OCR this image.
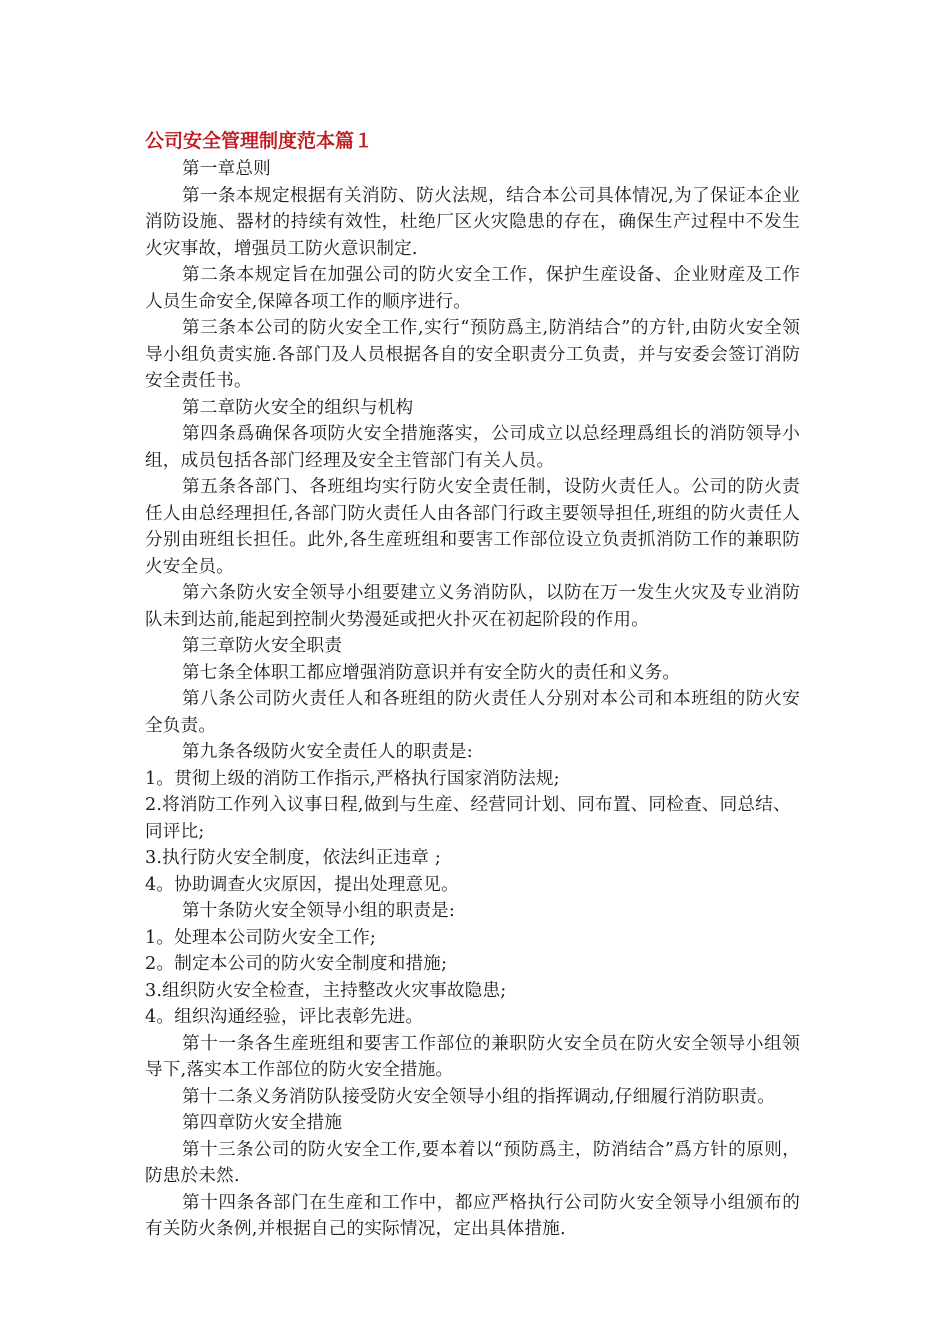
公司安全管理制度范本篇１

第一章总则

第一条本规定根据有关消防、防火法规，结合本公司具体情况,为了保证本企业消防设施、器材的持续有效性，杜绝厂区火灾隐患的存在，确保生产过程中不发生火灾事故，增强员工防火意识制定.

第二条本规定旨在加强公司的防火安全工作，保护生産设备、企业财産及工作人员生命安全,保障各项工作的顺序进行。

第三条本公司的防火安全工作,实行“预防爲主,防消结合”的方针,由防火安全领导小组负责实施.各部门及人员根据各自的安全职责分工负责，并与安委会签订消防安全责任书。

第二章防火安全的组织与机构

第四条爲确保各项防火安全措施落实，公司成立以总经理爲组长的消防领导小组，成员包括各部门经理及安全主管部门有关人员。

第五条各部门、各班组均实行防火安全责任制，设防火责任人。公司的防火责任人由总经理担任,各部门防火责任人由各部门行政主要领导担任,班组的防火责任人分别由班组长担任。此外,各生産班组和要害工作部位设立负责抓消防工作的兼职防火安全员。

第六条防火安全领导小组要建立义务消防队，以防在万一发生火灾及专业消防队未到达前,能起到控制火势漫延或把火扑灭在初起阶段的作用。

第三章防火安全职责

第七条全体职工都应增强消防意识并有安全防火的责任和义务。

第八条公司防火责任人和各班组的防火责任人分别对本公司和本班组的防火安全负责。

第九条各级防火安全责任人的职责是:

1。贯彻上级的消防工作指示,严格执行国家消防法规;

2.将消防工作列入议事日程,做到与生産、经营同计划、同布置、同检查、同总结、同评比;

3.执行防火安全制度，依法纠正违章 ;

4。协助调查火灾原因，提出处理意见。

第十条防火安全领导小组的职责是:

1。处理本公司防火安全工作;

2。制定本公司的防火安全制度和措施;

3.组织防火安全检查，主持整改火灾事故隐患;

4。组织沟通经验，评比表彰先进。

第十一条各生産班组和要害工作部位的兼职防火安全员在防火安全领导小组领导下,落实本工作部位的防火安全措施。

第十二条义务消防队接受防火安全领导小组的指挥调动,仔细履行消防职责。

第四章防火安全措施

第十三条公司的防火安全工作,要本着以“预防爲主，防消结合”爲方针的原则，防患於未然.

第十四条各部门在生産和工作中，都应严格执行公司防火安全领导小组颁布的有关防火条例,并根据自己的实际情况，定出具体措施.
